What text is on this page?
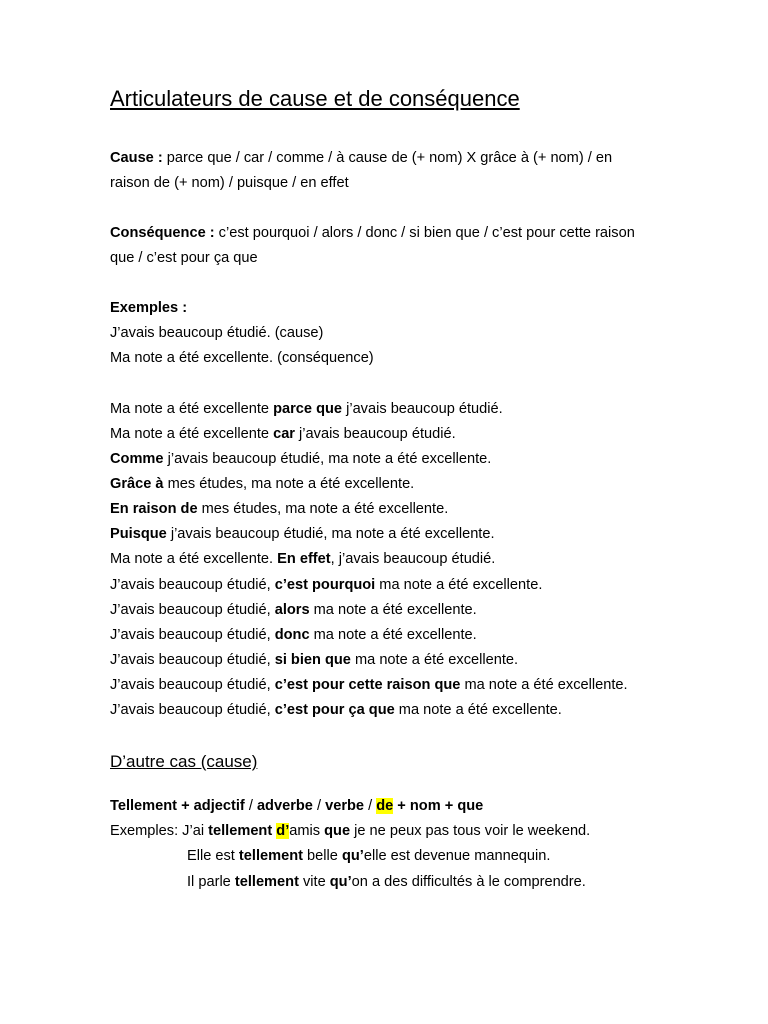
Articulateurs de cause et de conséquence
Cause : parce que / car / comme / à cause de (+ nom) X grâce à (+ nom) / en
raison de (+ nom) / puisque / en effet
Conséquence : c’est pourquoi / alors / donc / si bien que / c’est pour cette raison
que / c’est pour ça que
Exemples :
J’avais beaucoup étudié. (cause)
Ma note a été excellente. (conséquence)
Ma note a été excellente parce que j’avais beaucoup étudié.
Ma note a été excellente car j’avais beaucoup étudié.
Comme j’avais beaucoup étudié, ma note a été excellente.
Grâce à mes études, ma note a été excellente.
En raison de mes études, ma note a été excellente.
Puisque j’avais beaucoup étudié, ma note a été excellente.
Ma note a été excellente. En effet, j’avais beaucoup étudié.
J’avais beaucoup étudié, c’est pourquoi ma note a été excellente.
J’avais beaucoup étudié, alors ma note a été excellente.
J’avais beaucoup étudié, donc ma note a été excellente.
J’avais beaucoup étudié, si bien que ma note a été excellente.
J’avais beaucoup étudié, c’est pour cette raison que ma note a été excellente.
J’avais beaucoup étudié, c’est pour ça que ma note a été excellente.
D’autre cas (cause)
Tellement + adjectif / adverbe / verbe / de + nom + que
Exemples: J’ai tellement d’amis que je ne peux pas tous voir le weekend.
Elle est tellement belle qu’elle est devenue mannequin.
Il parle tellement vite qu’on a des difficultés à le comprendre.
